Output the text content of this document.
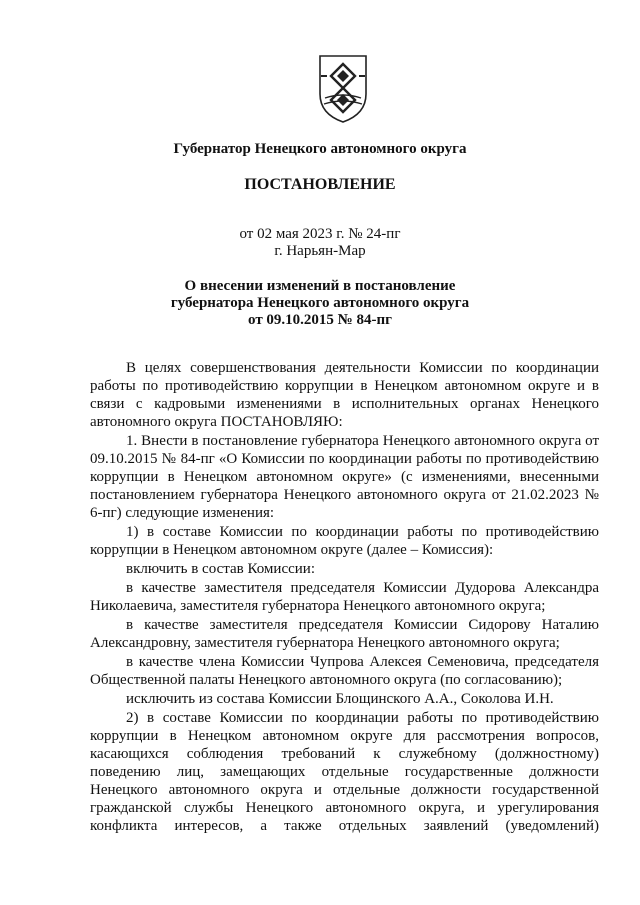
Губернатор Ненецкого автономного округа
ПОСТАНОВЛЕНИЕ
от 02 мая 2023 г. № 24-пг
г. Нарьян-Мар
О внесении изменений в постановление
губернатора Ненецкого автономного округа
от 09.10.2015 № 84-пг

В целях совершенствования деятельности Комиссии по координации работы по противодействию коррупции в Ненецком автономном округе и в связи с кадровыми изменениями в исполнительных органах Ненецкого автономного округа ПОСТАНОВЛЯЮ:

1. Внести в постановление губернатора Ненецкого автономного округа от 09.10.2015 № 84-пг «О Комиссии по координации работы по противодействию коррупции в Ненецком автономном округе» (с изменениями, внесенными постановлением губернатора Ненецкого автономного округа от 21.02.2023 № 6-пг) следующие изменения:

1) в составе Комиссии по координации работы по противодействию коррупции в Ненецком автономном округе (далее – Комиссия):

включить в состав Комиссии:

в качестве заместителя председателя Комиссии Дудорова Александра Николаевича, заместителя губернатора Ненецкого автономного округа;

в качестве заместителя председателя Комиссии Сидорову Наталию Александровну, заместителя губернатора Ненецкого автономного округа;

в качестве члена Комиссии Чупрова Алексея Семеновича, председателя Общественной палаты Ненецкого автономного округа (по согласованию);

исключить из состава Комиссии Блощинского А.А., Соколова И.Н.

2) в составе Комиссии по координации работы по противодействию коррупции в Ненецком автономном округе для рассмотрения вопросов, касающихся соблюдения требований к служебному (должностному) поведению лиц, замещающих отдельные государственные должности Ненецкого автономного округа и отдельные должности государственной гражданской службы Ненецкого автономного округа, и урегулирования конфликта интересов, а также отдельных заявлений (уведомлений)
